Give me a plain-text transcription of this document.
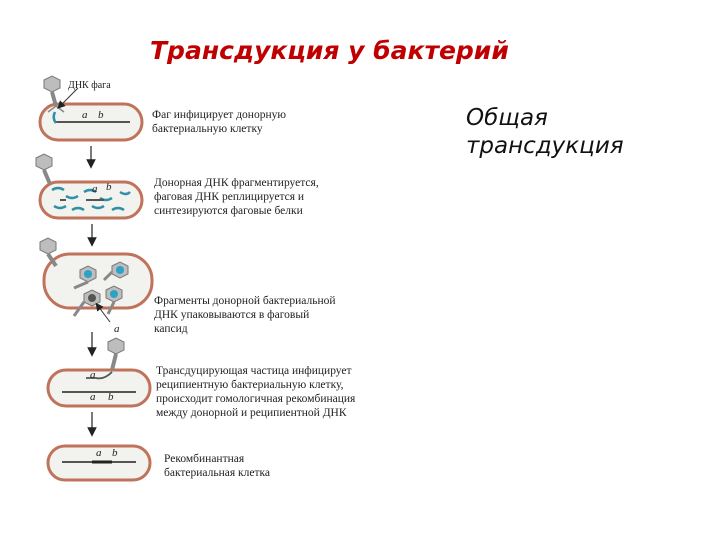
Трансдукция у бактерий
Общая
трансдукция
ДНК фага
a b
a b
a
a
a b
a b
Фаг инфицирует донорную
бактериальную клетку
Донорная ДНК фрагментируется,
фаговая ДНК реплицируется и
синтезируются фаговые белки
Фрагменты донорной бактериальной
ДНК упаковываются в фаговый
капсид
Трансдуцирующая частица инфицирует
реципиентную бактериальную клетку,
происходит гомологичная рекомбинация
между донорной и реципиентной ДНК
Рекомбинантная
бактериальная клетка
